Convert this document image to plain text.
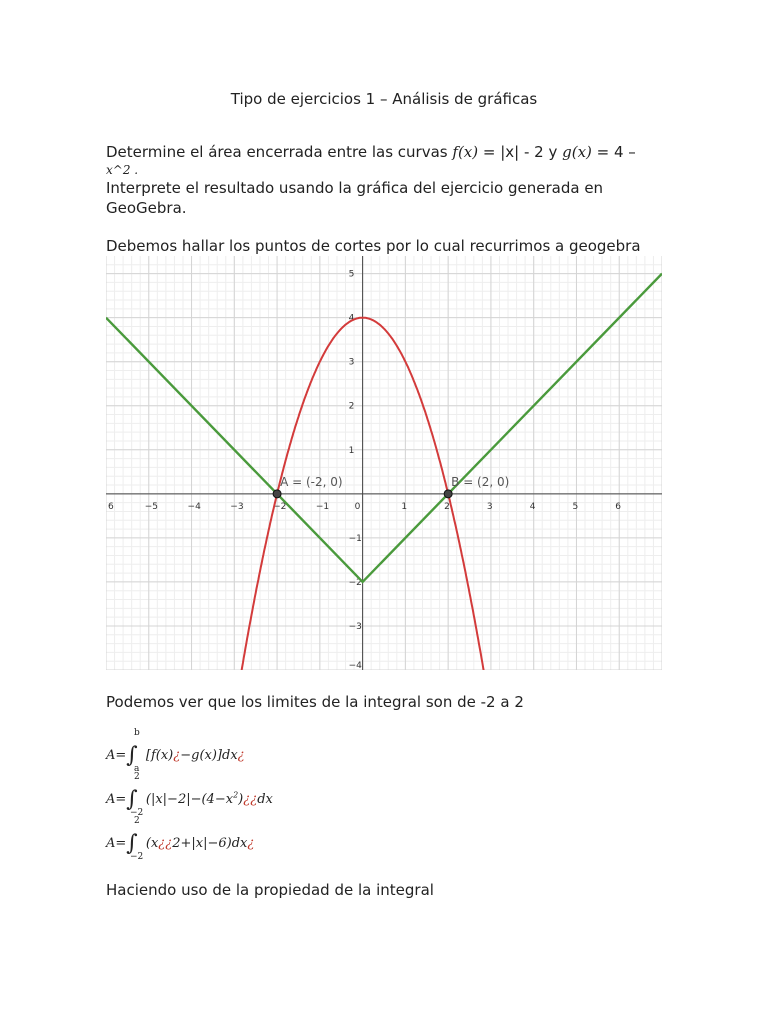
Tipo de ejercicios 1 – Análisis de gráficas
Determine el área encerrada entre las curvas f(x) = |x| - 2 y g(x) = 4 –
x^2 .
Interprete el resultado usando la gráfica del ejercicio generada en GeoGebra.
Debemos hallar los puntos de cortes por lo cual recurrimos a geogebra
6	−5	−4	−3	−2	−1	0	1	2	3	4	5	6
5
4
3
2
1
−1
−2
−3
−4
A = (-2, 0)	B = (2, 0)
Podemos ver que los limites de la integral son de -2 a 2
A=∫
b
a
[f(x)¿−g(x)]dx¿
A=∫
2
−2
($|x|-2|-(4-x^2)¿¿dx$
A=∫
2
−2
(x¿¿2+|x|−6)dx¿
Haciendo uso de la propiedad de la integral
